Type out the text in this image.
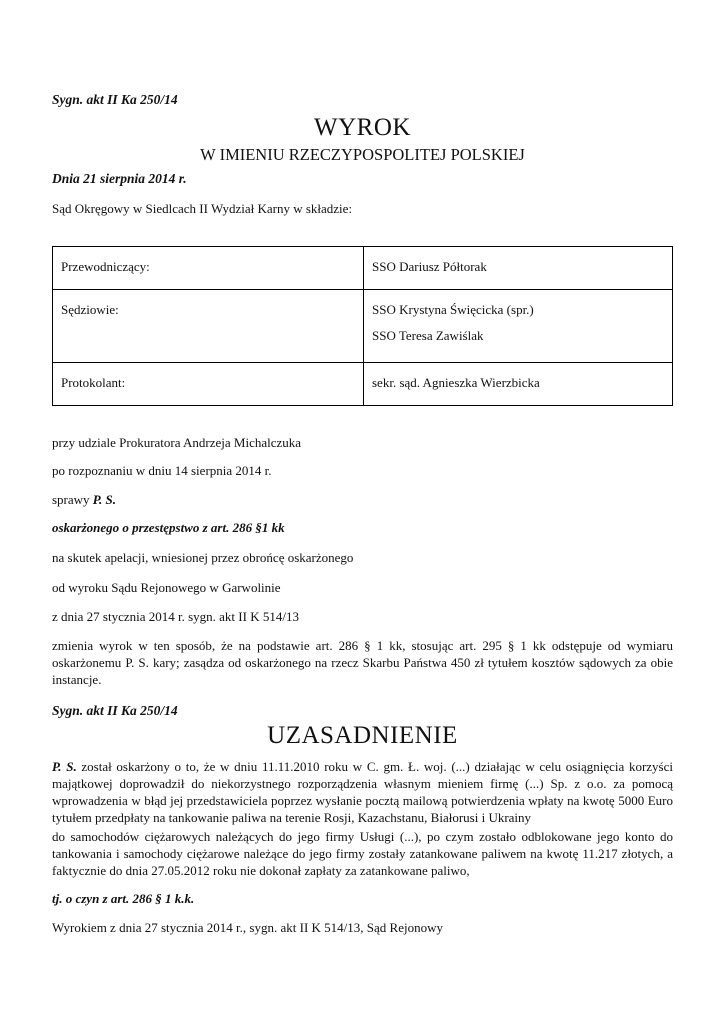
Sygn. akt II Ka 250/14
WYROK
W IMIENIU RZECZYPOSPOLITEJ POLSKIEJ
Dnia 21 sierpnia 2014 r.
Sąd Okręgowy w Siedlcach II Wydział Karny w składzie:
Przewodniczący:	SSO Dariusz Półtorak

Sędziowie:	SSO Krystyna Święcicka (spr.)
SSO Teresa Zawiślak

Protokolant:	sekr. sąd. Agnieszka Wierzbicka
przy udziale Prokuratora Andrzeja Michalczuka
po rozpoznaniu w dniu 14 sierpnia 2014 r.
sprawy P. S.
oskarżonego o przestępstwo z art. 286 §1 kk
na skutek apelacji, wniesionej przez obrońcę oskarżonego
od wyroku Sądu Rejonowego w Garwolinie
z dnia 27 stycznia 2014 r. sygn. akt II K 514/13
zmienia wyrok w ten sposób, że na podstawie art. 286 § 1 kk, stosując art. 295 § 1 kk odstępuje od wymiaru oskarżonemu P. S. kary; zasądza od oskarżonego na rzecz Skarbu Państwa 450 zł tytułem kosztów sądowych za obie instancje.
Sygn. akt II Ka 250/14
UZASADNIENIE
P. S. został oskarżony o to, że w dniu 11.11.2010 roku w C. gm. Ł. woj. (...) działając w celu osiągnięcia korzyści majątkowej doprowadził do niekorzystnego rozporządzenia własnym mieniem firmę (...) Sp. z o.o. za pomocą wprowadzenia w błąd jej przedstawiciela poprzez wysłanie pocztą mailową potwierdzenia wpłaty na kwotę 5000 Euro tytułem przedpłaty na tankowanie paliwa na terenie Rosji, Kazachstanu, Białorusi i Ukrainy
do samochodów ciężarowych należących do jego firmy Usługi (...), po czym zostało odblokowane jego konto do tankowania i samochody ciężarowe należące do jego firmy zostały zatankowane paliwem na kwotę 11.217 złotych, a faktycznie do dnia 27.05.2012 roku nie dokonał zapłaty za zatankowane paliwo,
tj. o czyn z art. 286 § 1 k.k.
Wyrokiem z dnia 27 stycznia 2014 r., sygn. akt II K 514/13, Sąd Rejonowy
